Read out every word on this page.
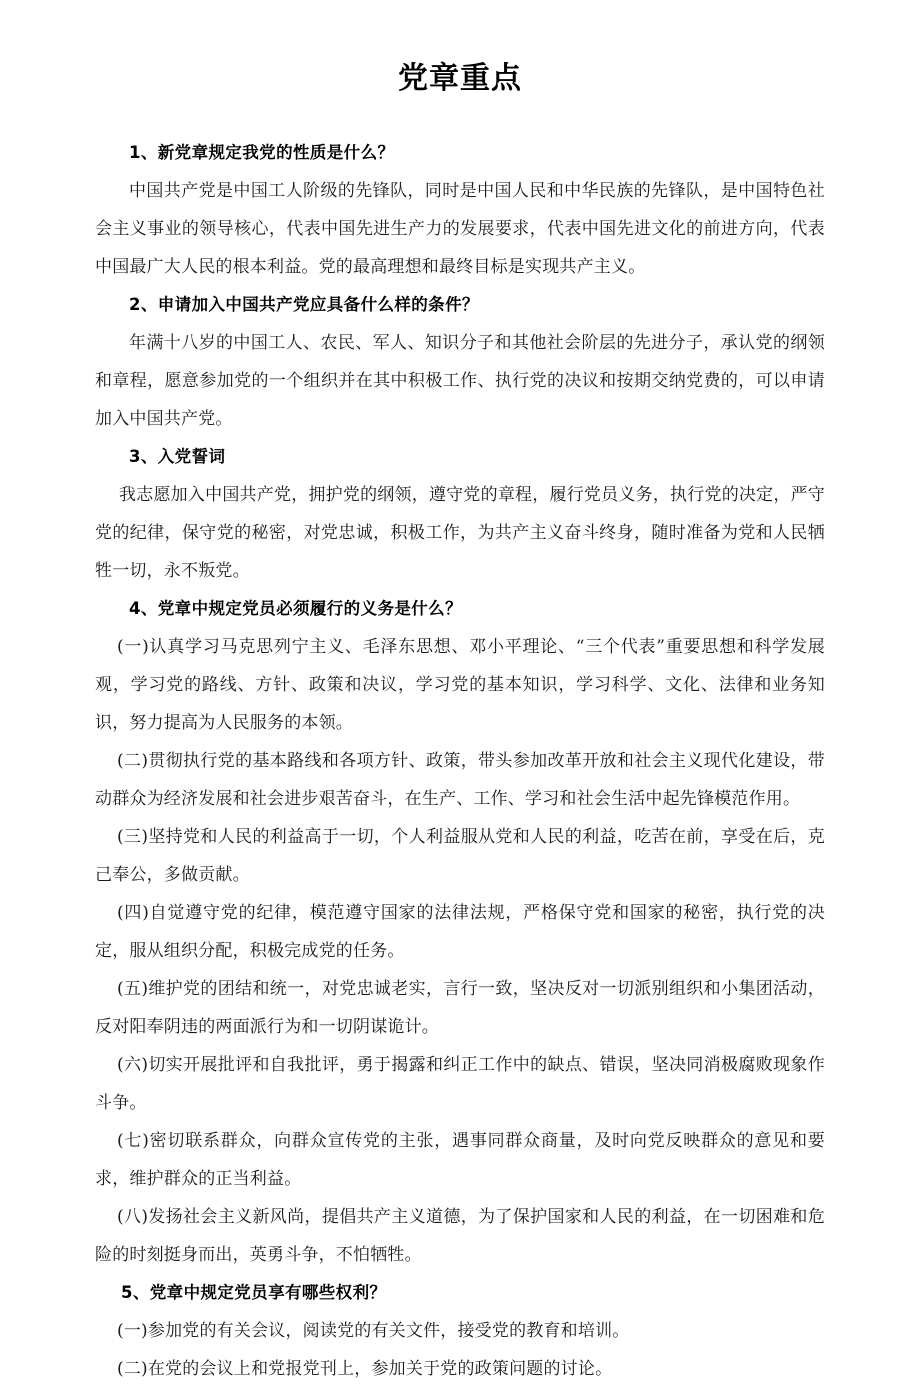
党章重点

1、新党章规定我党的性质是什么？

中国共产党是中国工人阶级的先锋队，同时是中国人民和中华民族的先锋队，是中国特色社会主义事业的领导核心，代表中国先进生产力的发展要求，代表中国先进文化的前进方向，代表中国最广大人民的根本利益。党的最高理想和最终目标是实现共产主义。

2、申请加入中国共产党应具备什么样的条件？

年满十八岁的中国工人、农民、军人、知识分子和其他社会阶层的先进分子，承认党的纲领和章程，愿意参加党的一个组织并在其中积极工作、执行党的决议和按期交纳党费的，可以申请加入中国共产党。

3、入党誓词

我志愿加入中国共产党，拥护党的纲领，遵守党的章程，履行党员义务，执行党的决定，严守党的纪律，保守党的秘密，对党忠诚，积极工作，为共产主义奋斗终身，随时准备为党和人民牺牲一切，永不叛党。

4、党章中规定党员必须履行的义务是什么？

(一)认真学习马克思列宁主义、毛泽东思想、邓小平理论、“三个代表”重要思想和科学发展观，学习党的路线、方针、政策和决议，学习党的基本知识，学习科学、文化、法律和业务知识，努力提高为人民服务的本领。

(二)贯彻执行党的基本路线和各项方针、政策，带头参加改革开放和社会主义现代化建设，带动群众为经济发展和社会进步艰苦奋斗，在生产、工作、学习和社会生活中起先锋模范作用。

(三)坚持党和人民的利益高于一切，个人利益服从党和人民的利益，吃苦在前，享受在后，克己奉公，多做贡献。

(四)自觉遵守党的纪律，模范遵守国家的法律法规，严格保守党和国家的秘密，执行党的决定，服从组织分配，积极完成党的任务。

(五)维护党的团结和统一，对党忠诚老实，言行一致，坚决反对一切派别组织和小集团活动，反对阳奉阴违的两面派行为和一切阴谋诡计。

(六)切实开展批评和自我批评，勇于揭露和纠正工作中的缺点、错误，坚决同消极腐败现象作斗争。

(七)密切联系群众，向群众宣传党的主张，遇事同群众商量，及时向党反映群众的意见和要求，维护群众的正当利益。

(八)发扬社会主义新风尚，提倡共产主义道德，为了保护国家和人民的利益，在一切困难和危险的时刻挺身而出，英勇斗争，不怕牺牲。

5、党章中规定党员享有哪些权利？

(一)参加党的有关会议，阅读党的有关文件，接受党的教育和培训。

(二)在党的会议上和党报党刊上，参加关于党的政策问题的讨论。
